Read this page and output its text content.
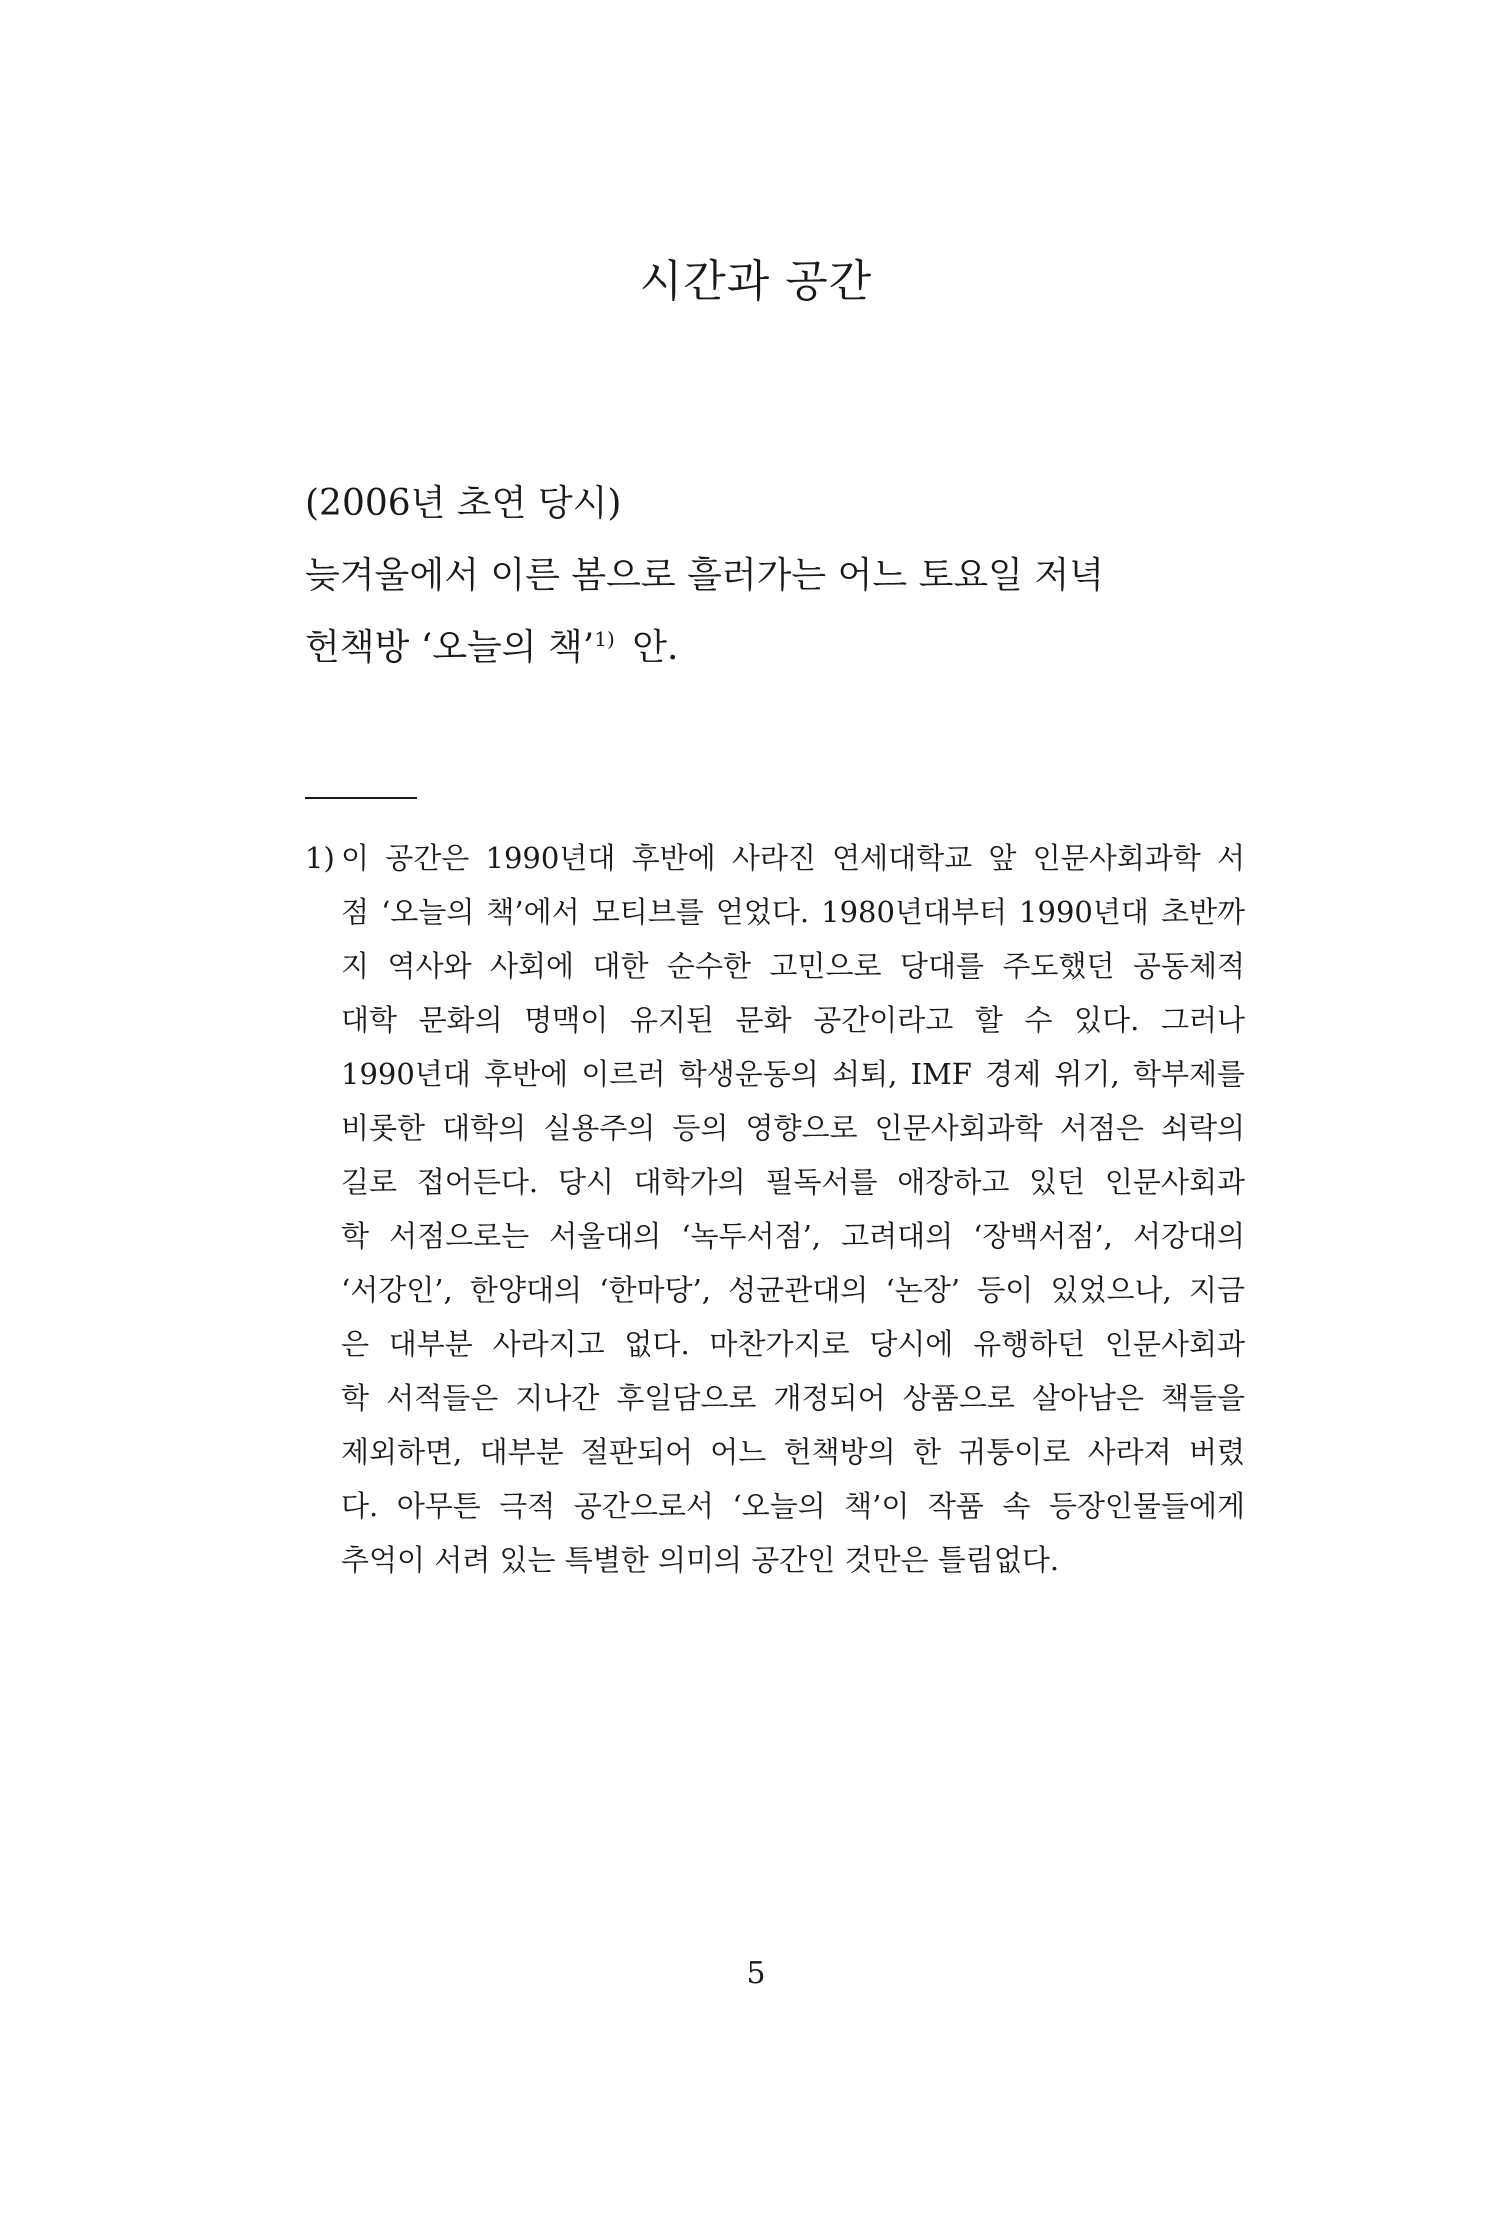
시간과 공간
(2006년 초연 당시)
늦겨울에서 이른 봄으로 흘러가는 어느 토요일 저녁
헌책방 ‘오늘의 책’$^{1)}$ 안.
1) 이 공간은 1990년대 후반에 사라진 연세대학교 앞 인문사회과학 서
점 ‘오늘의 책’에서 모티브를 얻었다. 1980년대부터 1990년대 초반까
지 역사와 사회에 대한 순수한 고민으로 당대를 주도했던 공동체적
대학 문화의 명맥이 유지된 문화 공간이라고 할 수 있다. 그러나
1990년대 후반에 이르러 학생운동의 쇠퇴, IMF 경제 위기, 학부제를
비롯한 대학의 실용주의 등의 영향으로 인문사회과학 서점은 쇠락의
길로 접어든다. 당시 대학가의 필독서를 애장하고 있던 인문사회과
학 서점으로는 서울대의 ‘녹두서점’, 고려대의 ‘장백서점’, 서강대의
‘서강인’, 한양대의 ‘한마당’, 성균관대의 ‘논장’ 등이 있었으나, 지금
은 대부분 사라지고 없다. 마찬가지로 당시에 유행하던 인문사회과
학 서적들은 지나간 후일담으로 개정되어 상품으로 살아남은 책들을
제외하면, 대부분 절판되어 어느 헌책방의 한 귀퉁이로 사라져 버렸
다. 아무튼 극적 공간으로서 ‘오늘의 책’이 작품 속 등장인물들에게
추억이 서려 있는 특별한 의미의 공간인 것만은 틀림없다.
5
